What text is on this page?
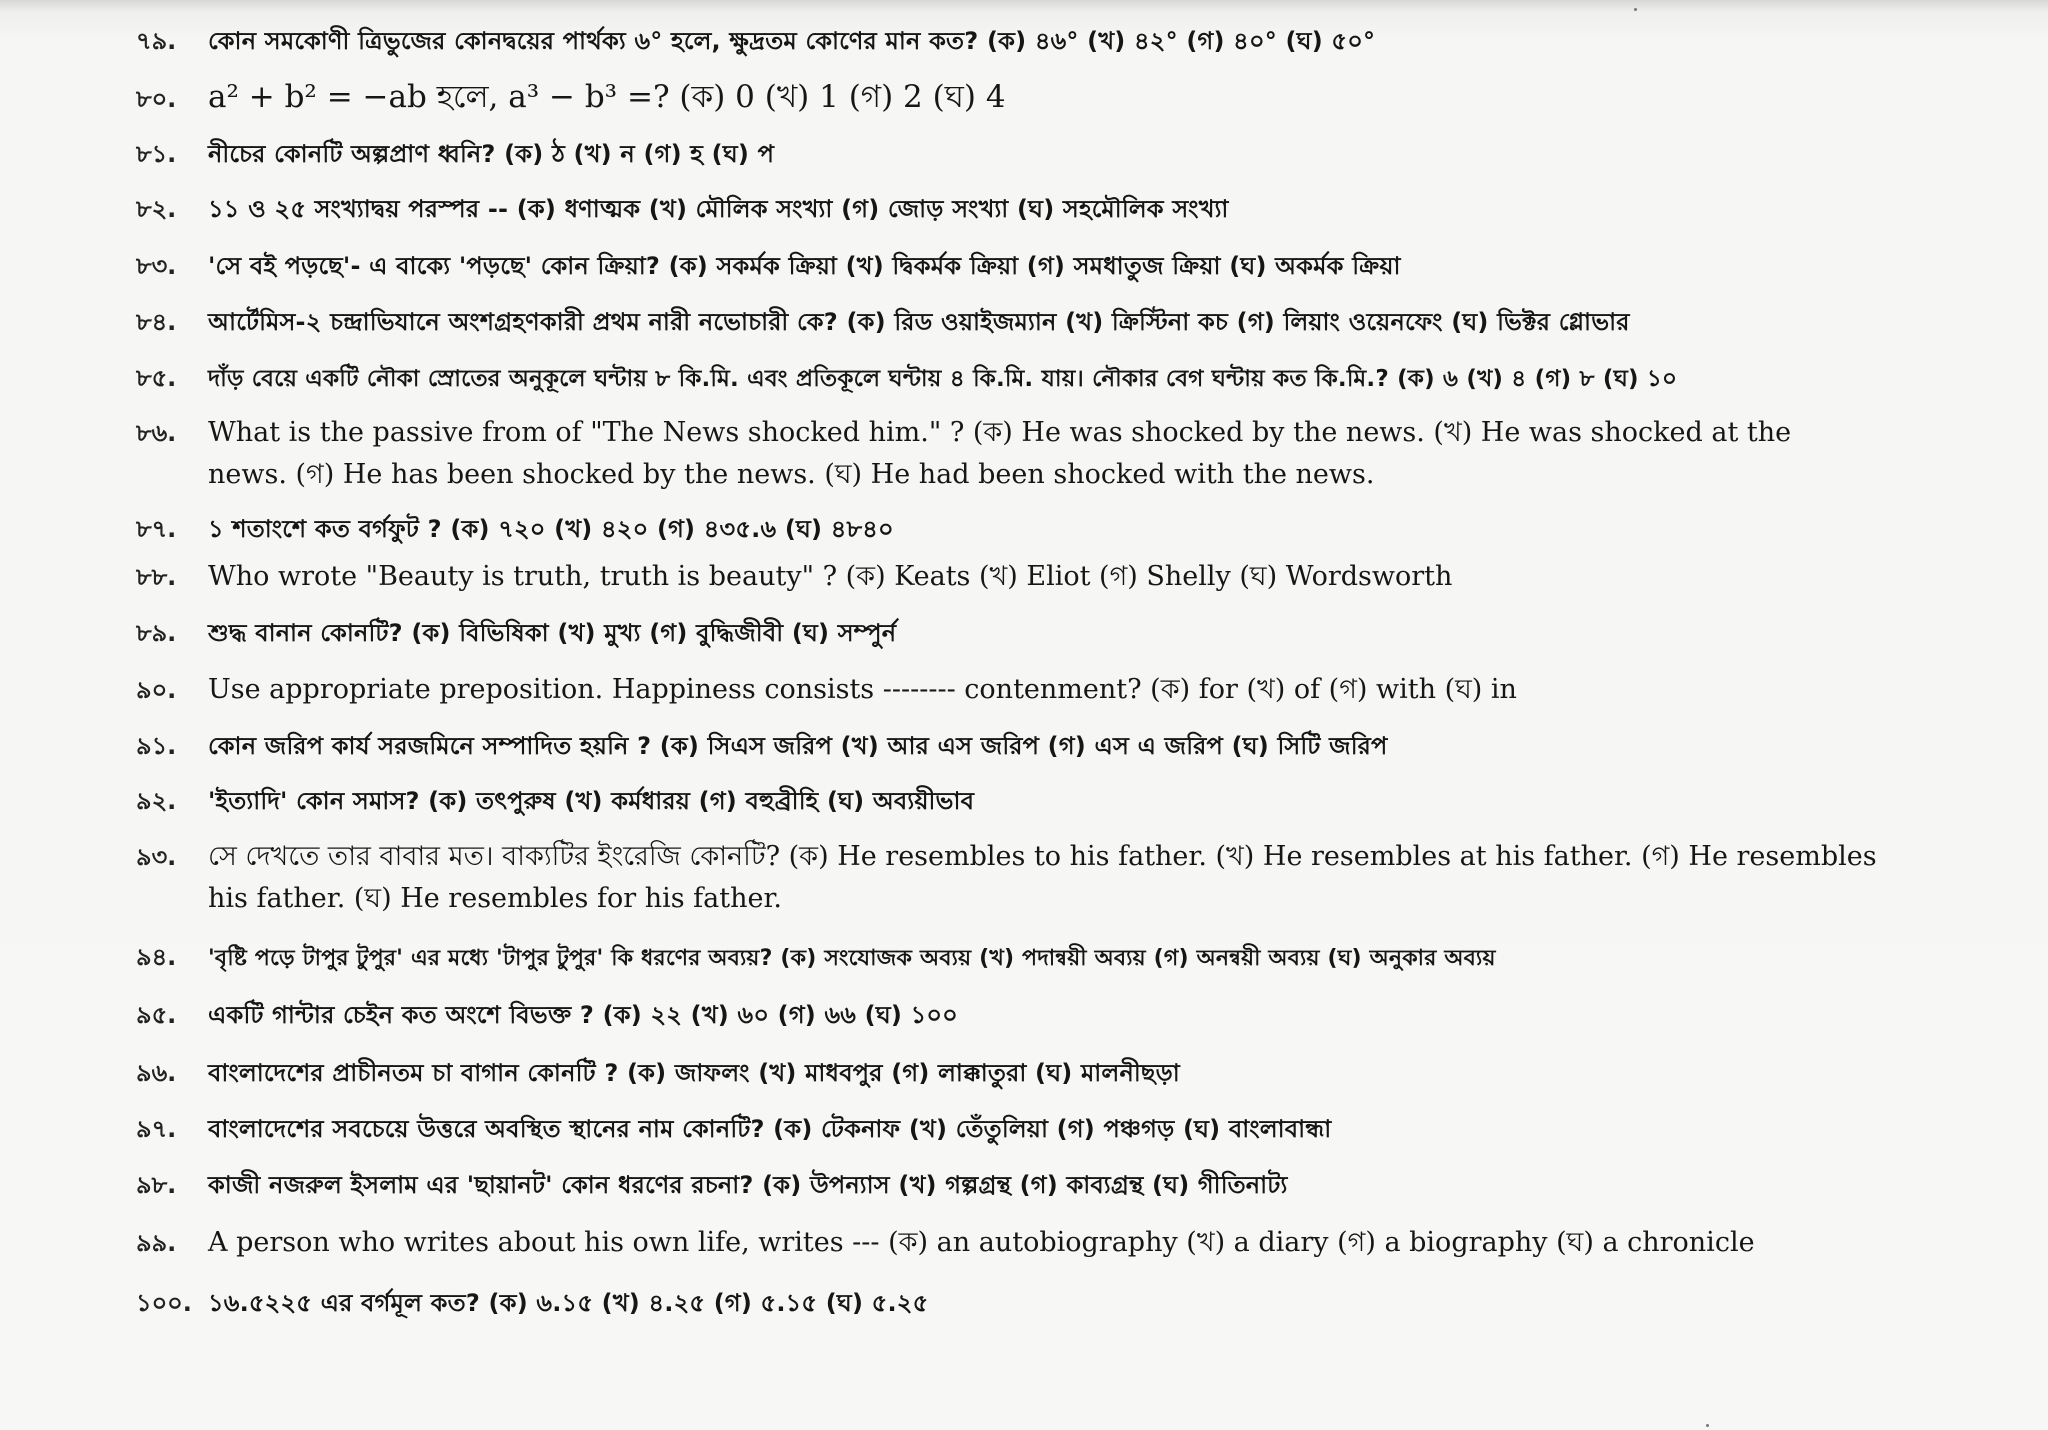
৭৯. কোন সমকোণী ত্রিভুজের কোনদ্বয়ের পার্থক্য ৬° হলে, ক্ষুদ্রতম কোণের মান কত? (ক) ৪৬° (খ) ৪২° (গ) ৪০° (ঘ) ৫০°
৮০. a² + b² = −ab হলে, a³ − b³ =? (ক) 0 (খ) 1 (গ) 2 (ঘ) 4
৮১. নীচের কোনটি অল্পপ্রাণ ধ্বনি? (ক) ঠ (খ) ন (গ) হ (ঘ) প
৮২. ১১ ও ২৫ সংখ্যাদ্বয় পরস্পর -- (ক) ধণাত্মক (খ) মৌলিক সংখ্যা (গ) জোড় সংখ্যা (ঘ) সহমৌলিক সংখ্যা
৮৩. 'সে বই পড়ছে'- এ বাক্যে 'পড়ছে' কোন ক্রিয়া? (ক) সকর্মক ক্রিয়া (খ) দ্বিকর্মক ক্রিয়া (গ) সমধাতুজ ক্রিয়া (ঘ) অকর্মক ক্রিয়া
৮৪. আর্টেমিস-২ চন্দ্রাভিযানে অংশগ্রহণকারী প্রথম নারী নভোচারী কে? (ক) রিড ওয়াইজম্যান (খ) ক্রিস্টিনা কচ (গ) লিয়াং ওয়েনফেং (ঘ) ভিক্টর গ্লোভার
৮৫. দাঁড় বেয়ে একটি নৌকা স্রোতের অনুকূলে ঘন্টায় ৮ কি.মি. এবং প্রতিকূলে ঘন্টায় ৪ কি.মি. যায়। নৌকার বেগ ঘন্টায় কত কি.মি.? (ক) ৬ (খ) ৪ (গ) ৮ (ঘ) ১০
৮৬. What is the passive from of "The News shocked him." ? (ক) He was shocked by the news. (খ) He was shocked at the
news. (গ) He has been shocked by the news. (ঘ) He had been shocked with the news.
৮৭. ১ শতাংশে কত বর্গফুট ? (ক) ৭২০ (খ) ৪২০ (গ) ৪৩৫.৬ (ঘ) ৪৮৪০
৮৮. Who wrote "Beauty is truth, truth is beauty" ? (ক) Keats (খ) Eliot (গ) Shelly (ঘ) Wordsworth
৮৯. শুদ্ধ বানান কোনটি? (ক) বিভিষিকা (খ) মুখ্য (গ) বুদ্ধিজীবী (ঘ) সম্পুর্ন
৯০. Use appropriate preposition. Happiness consists -------- contenment? (ক) for (খ) of (গ) with (ঘ) in
৯১. কোন জরিপ কার্য সরজমিনে সম্পাদিত হয়নি ? (ক) সিএস জরিপ (খ) আর এস জরিপ (গ) এস এ জরিপ (ঘ) সিটি জরিপ
৯২. 'ইত্যাদি' কোন সমাস? (ক) তৎপুরুষ (খ) কর্মধারয় (গ) বহুব্রীহি (ঘ) অব্যয়ীভাব
৯৩. সে দেখতে তার বাবার মত। বাক্যটির ইংরেজি কোনটি? (ক) He resembles to his father. (খ) He resembles at his father. (গ) He resembles
his father. (ঘ) He resembles for his father.
৯৪. 'বৃষ্টি পড়ে টাপুর টুপুর' এর মধ্যে 'টাপুর টুপুর' কি ধরণের অব্যয়? (ক) সংযোজক অব্যয় (খ) পদান্বয়ী অব্যয় (গ) অনন্বয়ী অব্যয় (ঘ) অনুকার অব্যয়
৯৫. একটি গান্টার চেইন কত অংশে বিভক্ত ? (ক) ২২ (খ) ৬০ (গ) ৬৬ (ঘ) ১০০
৯৬. বাংলাদেশের প্রাচীনতম চা বাগান কোনটি ? (ক) জাফলং (খ) মাধবপুর (গ) লাক্কাতুরা (ঘ) মালনীছড়া
৯৭. বাংলাদেশের সবচেয়ে উত্তরে অবস্থিত স্থানের নাম কোনটি? (ক) টেকনাফ (খ) তেঁতুলিয়া (গ) পঞ্চগড় (ঘ) বাংলাবান্ধা
৯৮. কাজী নজরুল ইসলাম এর 'ছায়ানট' কোন ধরণের রচনা? (ক) উপন্যাস (খ) গল্পগ্রন্থ (গ) কাব্যগ্রন্থ (ঘ) গীতিনাট্য
৯৯. A person who writes about his own life, writes --- (ক) an autobiography (খ) a diary (গ) a biography (ঘ) a chronicle
১০০. ১৬.৫২২৫ এর বর্গমূল কত? (ক) ৬.১৫ (খ) ৪.২৫ (গ) ৫.১৫ (ঘ) ৫.২৫
